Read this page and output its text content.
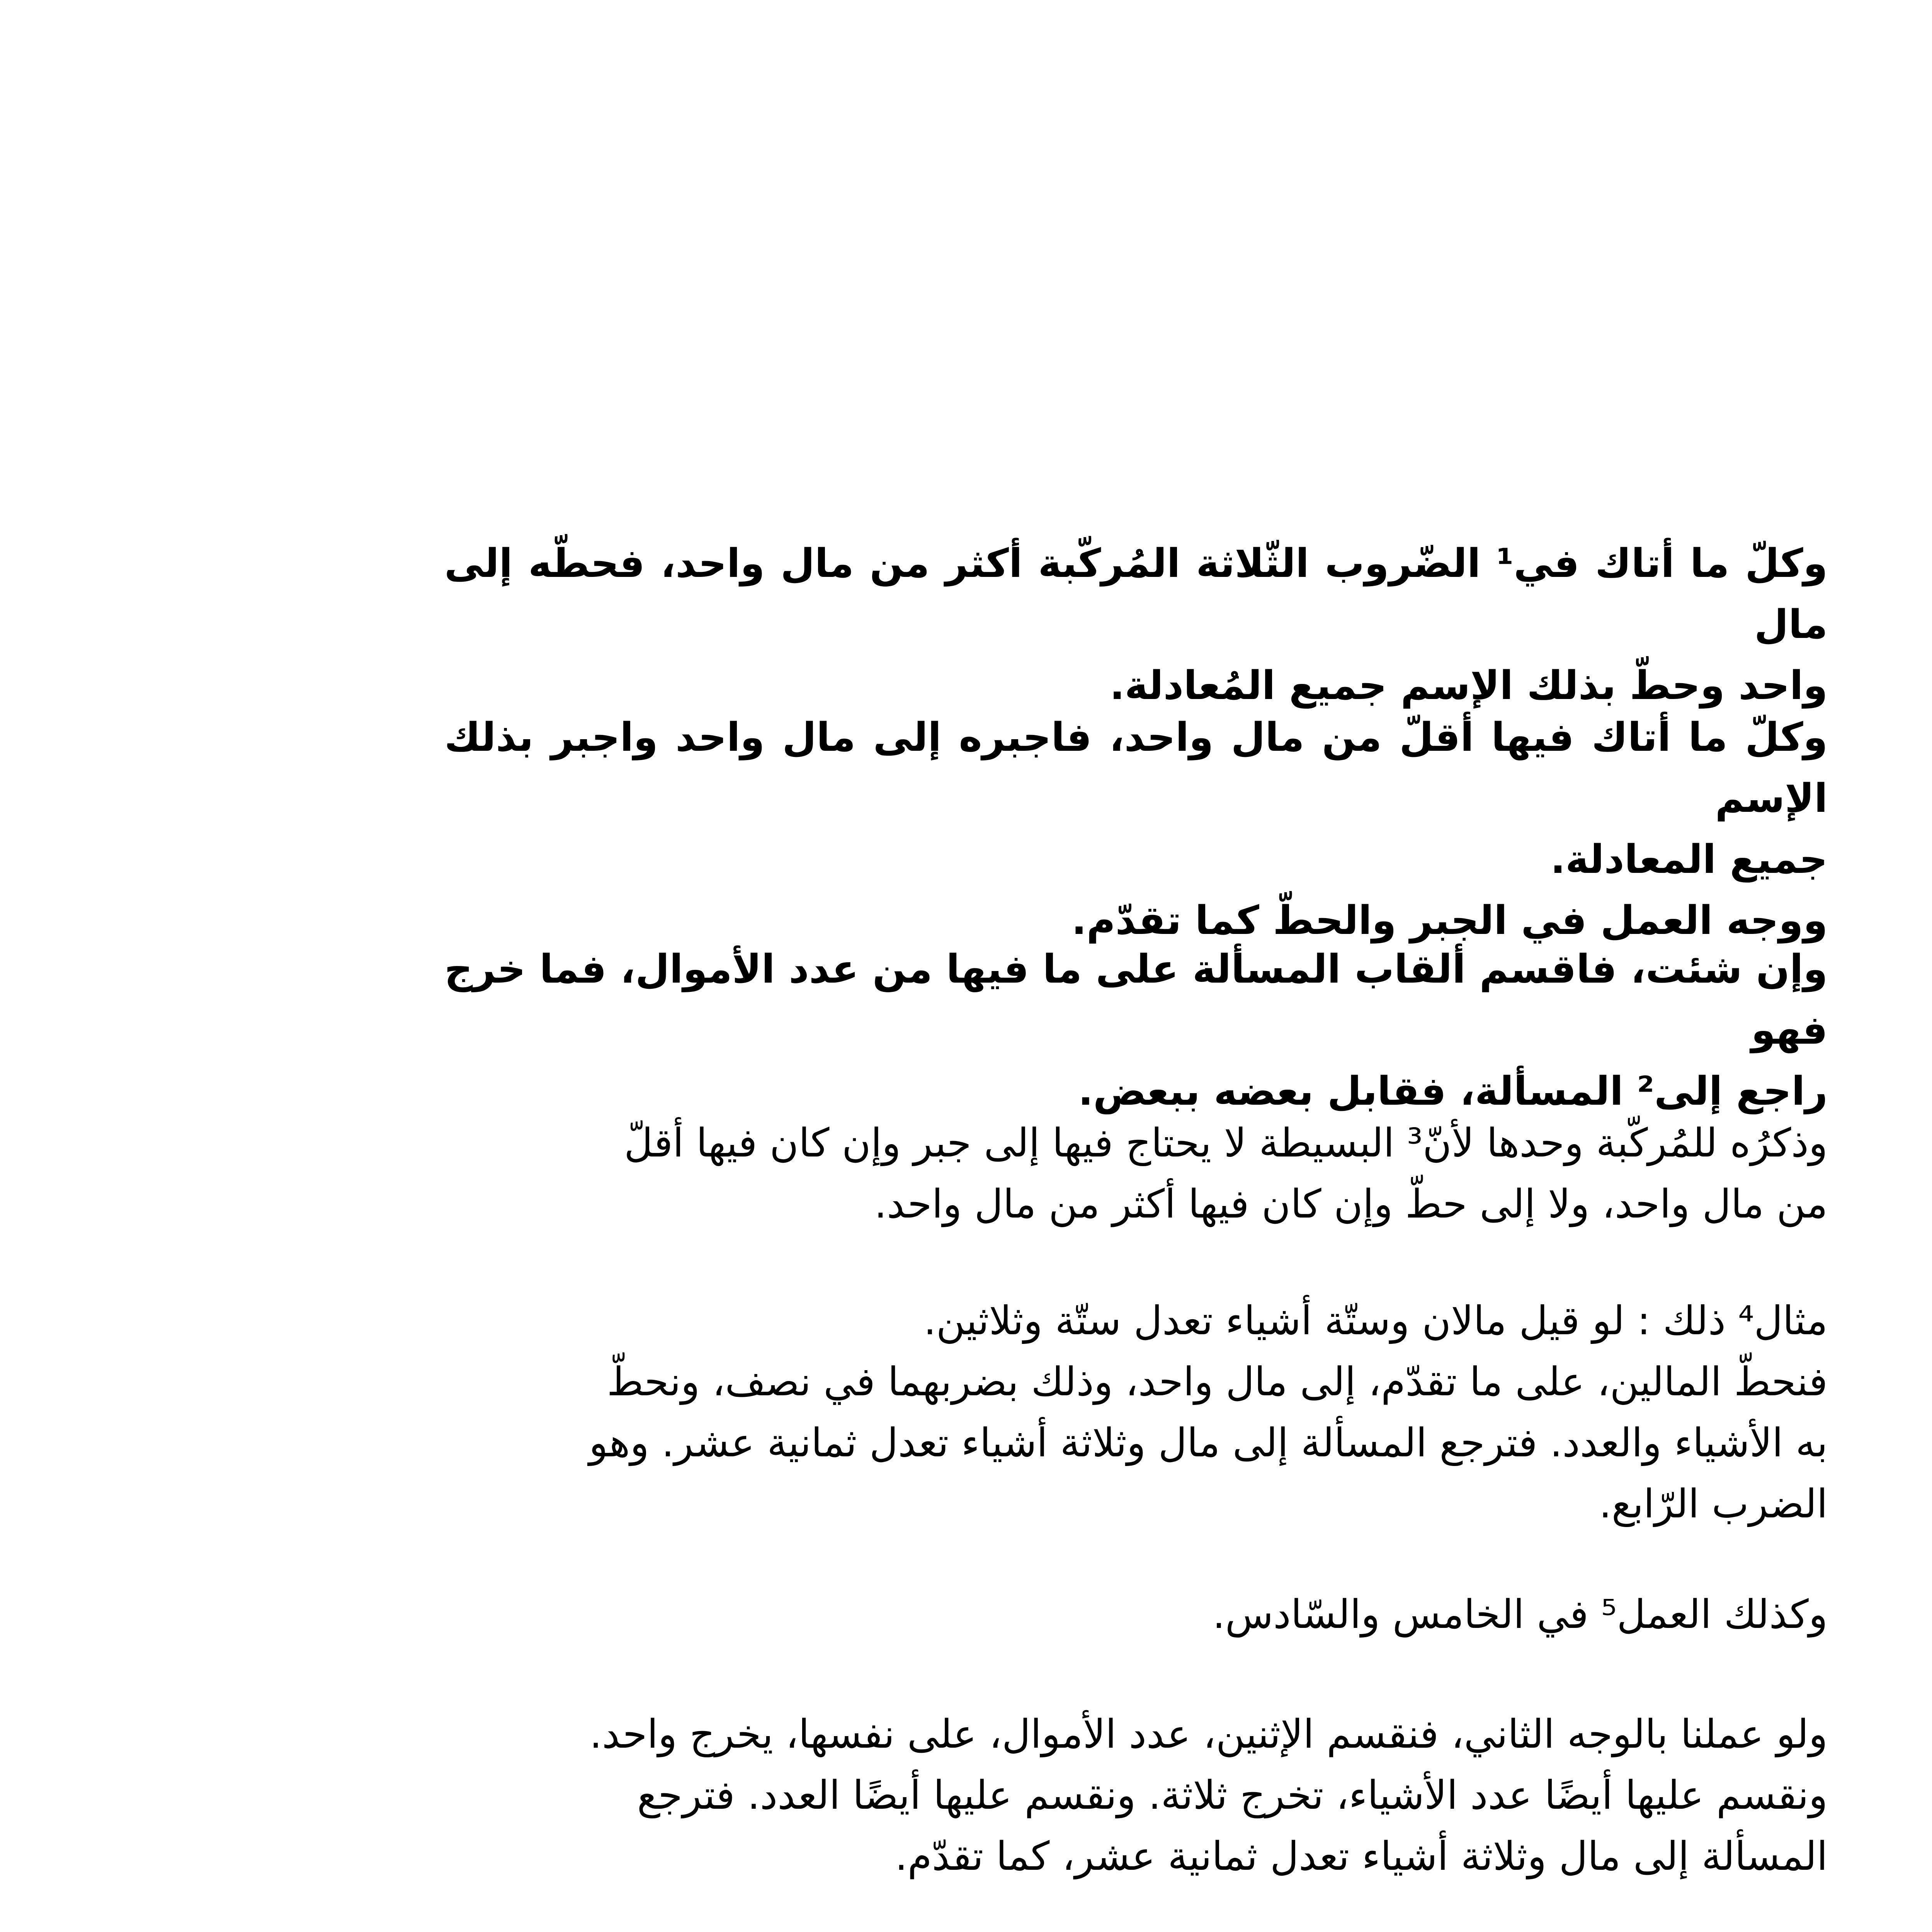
وكلّ ما أتاك في¹ الضّروب الثّلاثة المُركّبة أكثر من مال واحد، فحطّه إلى مال
واحد وحطّ بذلك الإسم جميع المُعادلة.

وكلّ ما أتاك فيها أقلّ من مال واحد، فاجبره إلى مال واحد واجبر بذلك الإسم
جميع المعادلة.
ووجه العمل في الجبر والحطّ كما تقدّم.

وإن شئت، فاقسم ألقاب المسألة على ما فيها من عدد الأموال، فما خرج فهو
راجع إلى² المسألة، فقابل بعضه ببعض.

وذكرُه للمُركّبة وحدها لأنّ³ البسيطة لا يحتاج فيها إلى جبر وإن كان فيها أقلّ
من مال واحد، ولا إلى حطّ وإن كان فيها أكثر من مال واحد.

مثال⁴ ذلك : لو قيل مالان وستّة أشياء تعدل ستّة وثلاثين.
فنحطّ المالين، على ما تقدّم، إلى مال واحد، وذلك بضربهما في نصف، ونحطّ
به الأشياء والعدد. فترجع المسألة إلى مال وثلاثة أشياء تعدل ثمانية عشر. وهو
الضرب الرّابع.

وكذلك العمل⁵ في الخامس والسّادس.

ولو عملنا بالوجه الثاني، فنقسم الإثنين، عدد الأموال، على نفسها، يخرج واحد.
ونقسم عليها أيضًا عدد الأشياء، تخرج ثلاثة. ونقسم عليها أيضًا العدد. فترجع
المسألة إلى مال وثلاثة أشياء تعدل ثمانية عشر، كما تقدّم.
